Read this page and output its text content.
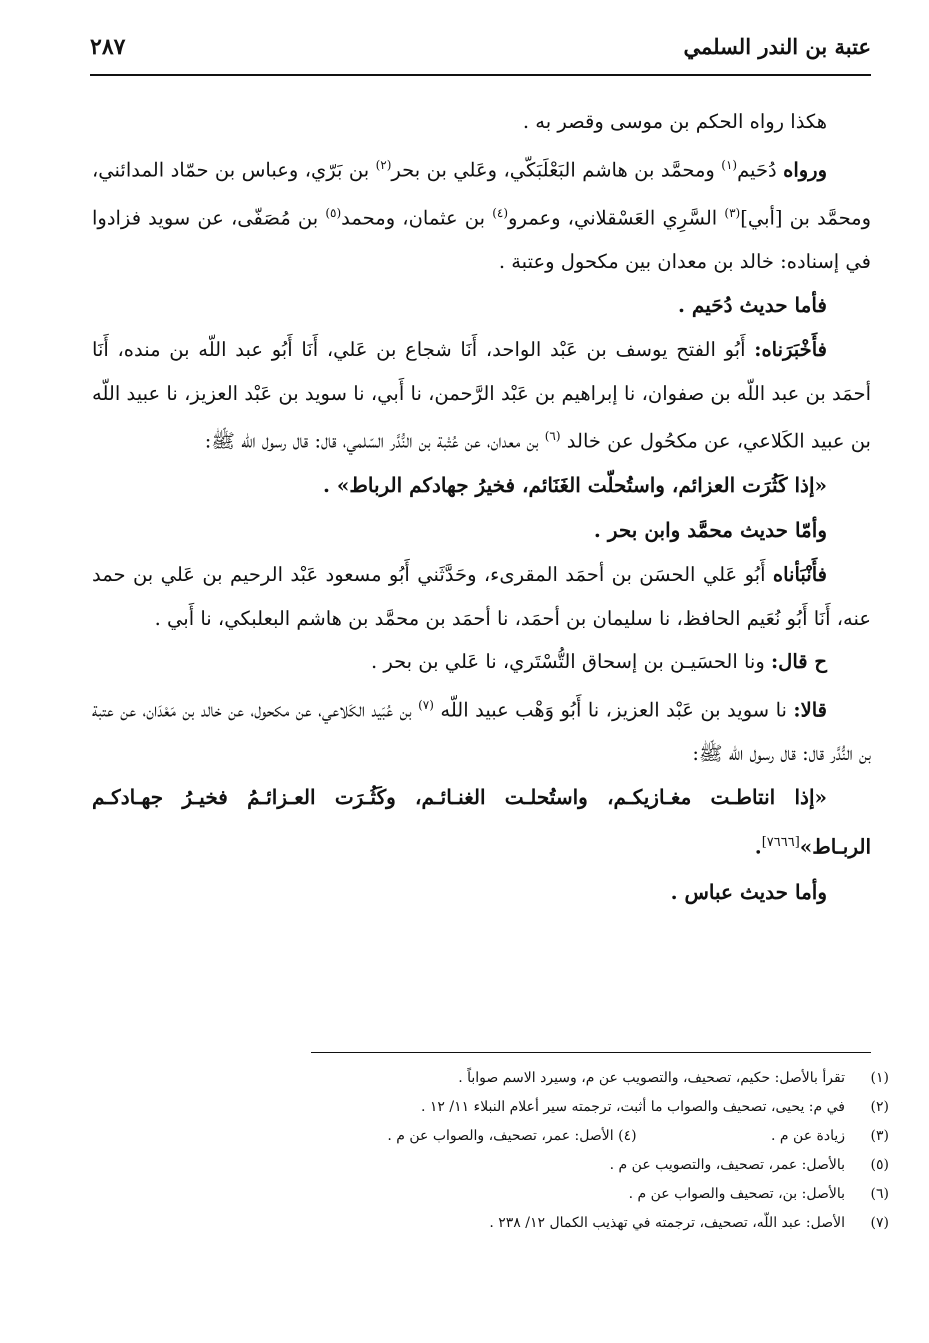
عتبة بن الندر السلمي
٢٨٧

هكذا رواه الحكم بن موسى وقصر به .

ورواه دُحَيم$^{(١)}$ ومحمَّد بن هاشم البَعْلَبَكّي، وعَلي بن بحر$^{(٢)}$ بن بَرّي، وعباس بن حمّاد المدائني، ومحمَّد بن [أبي]$^{(٣)}$ السَّرِي العَسْقلاني، وعمرو$^{(٤)}$ بن عثمان، ومحمد$^{(٥)}$ بن مُصَفّى، عن سويد فزادوا في إسناده: خالد بن معدان بين مكحول وعتبة .

فأما حديث دُحَيم .

فأَخْبَرَناه: أَبُو الفتح يوسف بن عَبْد الواحد، أَنَا شجاع بن عَلي، أَنَا أَبُو عبد اللّه بن منده، أَنَا أحمَد بن عبد اللّه بن صفوان، نا إبراهيم بن عَبْد الرَّحمن، نا أَبي، نا سويد بن عَبْد العزيز، نا عبيد اللّه بن عبيد الكَلاعي، عن مكحُول عن خالد $^{(٦)}$ بن معدان، عن عُتْبة بن النُّدَّر السّلمي، قال: قال رسول الله ﷺ:

«إذا كَثُرَت العزائم، واستُحلّت الغَنَائم، فخيرُ جهادكم الرباط» .

وأمّا حديث محمَّد وابن بحر .

فأَنْبَأناه أَبُو عَلي الحسَن بن أحمَد المقرىء، وحَدَّثَني أَبُو مسعود عَبْد الرحيم بن عَلي بن حمد عنه، أَنَا أَبُو نُعَيم الحافظ، نا سليمان بن أحمَد، نا أحمَد بن محمَّد بن هاشم البعلبكي، نا أَبي .

ح قال: ونا الحسَيـن بن إسحاق التُّسْتَري، نا عَلي بن بحر .

قالا: نا سويد بن عَبْد العزيز، نا أَبُو وَهْب عبيد اللّه $^{(٧)}$ بن عُبَيد الكَلاعي، عن مكحول، عن خالد بن مَعْدَان، عن عتبة بن النُّدَّر قال: قال رسول الله ﷺ:

«إذا انتاطـت مغـازيكـم، واستُحلـت الغنـائـم، وكَثُـرَت العـزائـمُ فخيـرُ جهـادكـم الربـاط»[٧٦٦٦].

وأما حديث عباس .

(١)تقرأ بالأصل: حكيم، تصحيف، والتصويب عن م، وسيرد الاسم صواباً .
(٢)في م: يحيى، تصحيف والصواب ما أثبت، ترجمته سير أعلام النبلاء ١١/ ١٢ .
(٣)زيادة عن م . (٤) الأصل: عمر، تصحيف، والصواب عن م .
(٥)بالأصل: عمر، تصحيف، والتصويب عن م .
(٦)بالأصل: بن، تصحيف والصواب عن م .
(٧)الأصل: عبد اللّه، تصحيف، ترجمته في تهذيب الكمال ١٢/ ٢٣٨ .
